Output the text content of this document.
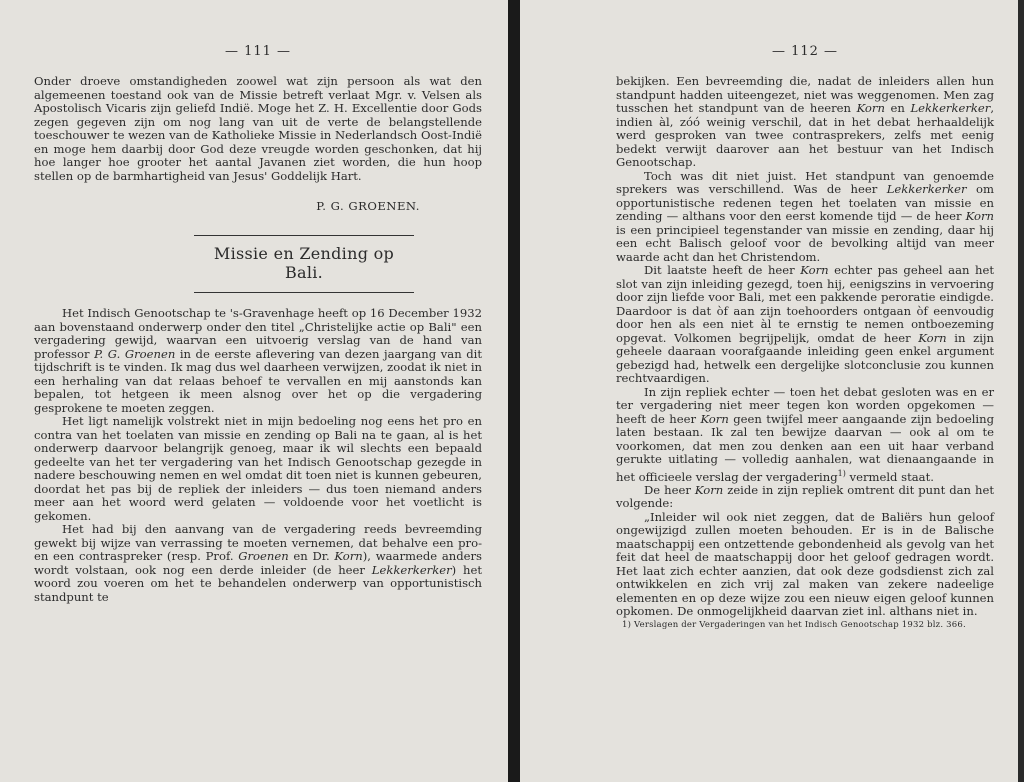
— 111 —

Onder droeve omstandigheden zoowel wat zijn persoon als wat den algemeenen toestand ook van de Missie betreft verlaat Mgr. v. Velsen als Apostolisch Vicaris zijn geliefd Indië. Moge het Z. H. Excellentie door Gods zegen gegeven zijn om nog lang van uit de verte de belangstellende toeschouwer te wezen van de Katholieke Missie in Nederlandsch Oost-Indië en moge hem daarbij door God deze vreugde worden geschonken, dat hij hoe langer hoe grooter het aantal Javanen ziet worden, die hun hoop stellen op de barmhartigheid van Jesus' Goddelijk Hart.

P. G. GROENEN.
Missie en Zending op Bali.

Het Indisch Genootschap te 's-Gravenhage heeft op 16 December 1932 aan bovenstaand onderwerp onder den titel „Christelijke actie op Bali" een vergadering gewijd, waarvan een uitvoerig verslag van de hand van professor P. G. Groenen in de eerste aflevering van dezen jaargang van dit tijdschrift is te vinden. Ik mag dus wel daarheen verwijzen, zoodat ik niet in een herhaling van dat relaas behoef te vervallen en mij aanstonds kan bepalen, tot hetgeen ik meen alsnog over het op die vergadering gesprokene te moeten zeggen.

Het ligt namelijk volstrekt niet in mijn bedoeling nog eens het pro en contra van het toelaten van missie en zending op Bali na te gaan, al is het onderwerp daarvoor belangrijk genoeg, maar ik wil slechts een bepaald gedeelte van het ter vergadering van het Indisch Genootschap gezegde in nadere beschouwing nemen en wel omdat dit toen niet is kunnen gebeuren, doordat het pas bij de repliek der inleiders — dus toen niemand anders meer aan het woord werd gelaten — voldoende voor het voetlicht is gekomen.

Het had bij den aanvang van de vergadering reeds bevreemding gewekt bij wijze van verrassing te moeten vernemen, dat behalve een pro- en een contraspreker (resp. Prof. Groenen en Dr. Korn), waarmede anders wordt volstaan, ook nog een derde inleider (de heer Lekkerkerker) het woord zou voeren om het te behandelen onderwerp van opportunistisch standpunt te

— 112 —

bekijken. Een bevreemding die, nadat de inleiders allen hun standpunt hadden uiteengezet, niet was weggenomen. Men zag tusschen het standpunt van de heeren Korn en Lekkerkerker, indien àl, zóó weinig verschil, dat in het debat herhaaldelijk werd gesproken van twee contrasprekers, zelfs met eenig bedekt verwijt daarover aan het bestuur van het Indisch Genootschap.

Toch was dit niet juist. Het standpunt van genoemde sprekers was verschillend. Was de heer Lekkerkerker om opportunistische redenen tegen het toelaten van missie en zending — althans voor den eerst komende tijd — de heer Korn is een principieel tegenstander van missie en zending, daar hij een echt Balisch geloof voor de bevolking altijd van meer waarde acht dan het Christendom.

Dit laatste heeft de heer Korn echter pas geheel aan het slot van zijn inleiding gezegd, toen hij, eenigszins in vervoering door zijn liefde voor Bali, met een pakkende peroratie eindigde. Daardoor is dat òf aan zijn toehoorders ontgaan òf eenvoudig door hen als een niet àl te ernstig te nemen ontboezeming opgevat. Volkomen begrijpelijk, omdat de heer Korn in zijn geheele daaraan voorafgaande inleiding geen enkel argument gebezigd had, hetwelk een dergelijke slotconclusie zou kunnen rechtvaardigen.

In zijn repliek echter — toen het debat gesloten was en er ter vergadering niet meer tegen kon worden opgekomen — heeft de heer Korn geen twijfel meer aangaande zijn bedoeling laten bestaan. Ik zal ten bewijze daarvan — ook al om te voorkomen, dat men zou denken aan een uit haar verband gerukte uitlating — volledig aanhalen, wat dienaangaande in het officieele verslag der vergadering$^{1)}$ vermeld staat.

De heer Korn zeide in zijn repliek omtrent dit punt dan het volgende:

„Inleider wil ook niet zeggen, dat de Baliërs hun geloof ongewijzigd zullen moeten behouden. Er is in de Balische maatschappij een ontzettende gebondenheid als gevolg van het feit dat heel de maatschappij door het geloof gedragen wordt. Het laat zich echter aanzien, dat ook deze godsdienst zich zal ontwikkelen en zich vrij zal maken van zekere nadeelige elementen en op deze wijze zou een nieuw eigen geloof kunnen opkomen. De onmogelijkheid daarvan ziet inl. althans niet in.

1) Verslagen der Vergaderingen van het Indisch Genootschap 1932 blz. 366.
